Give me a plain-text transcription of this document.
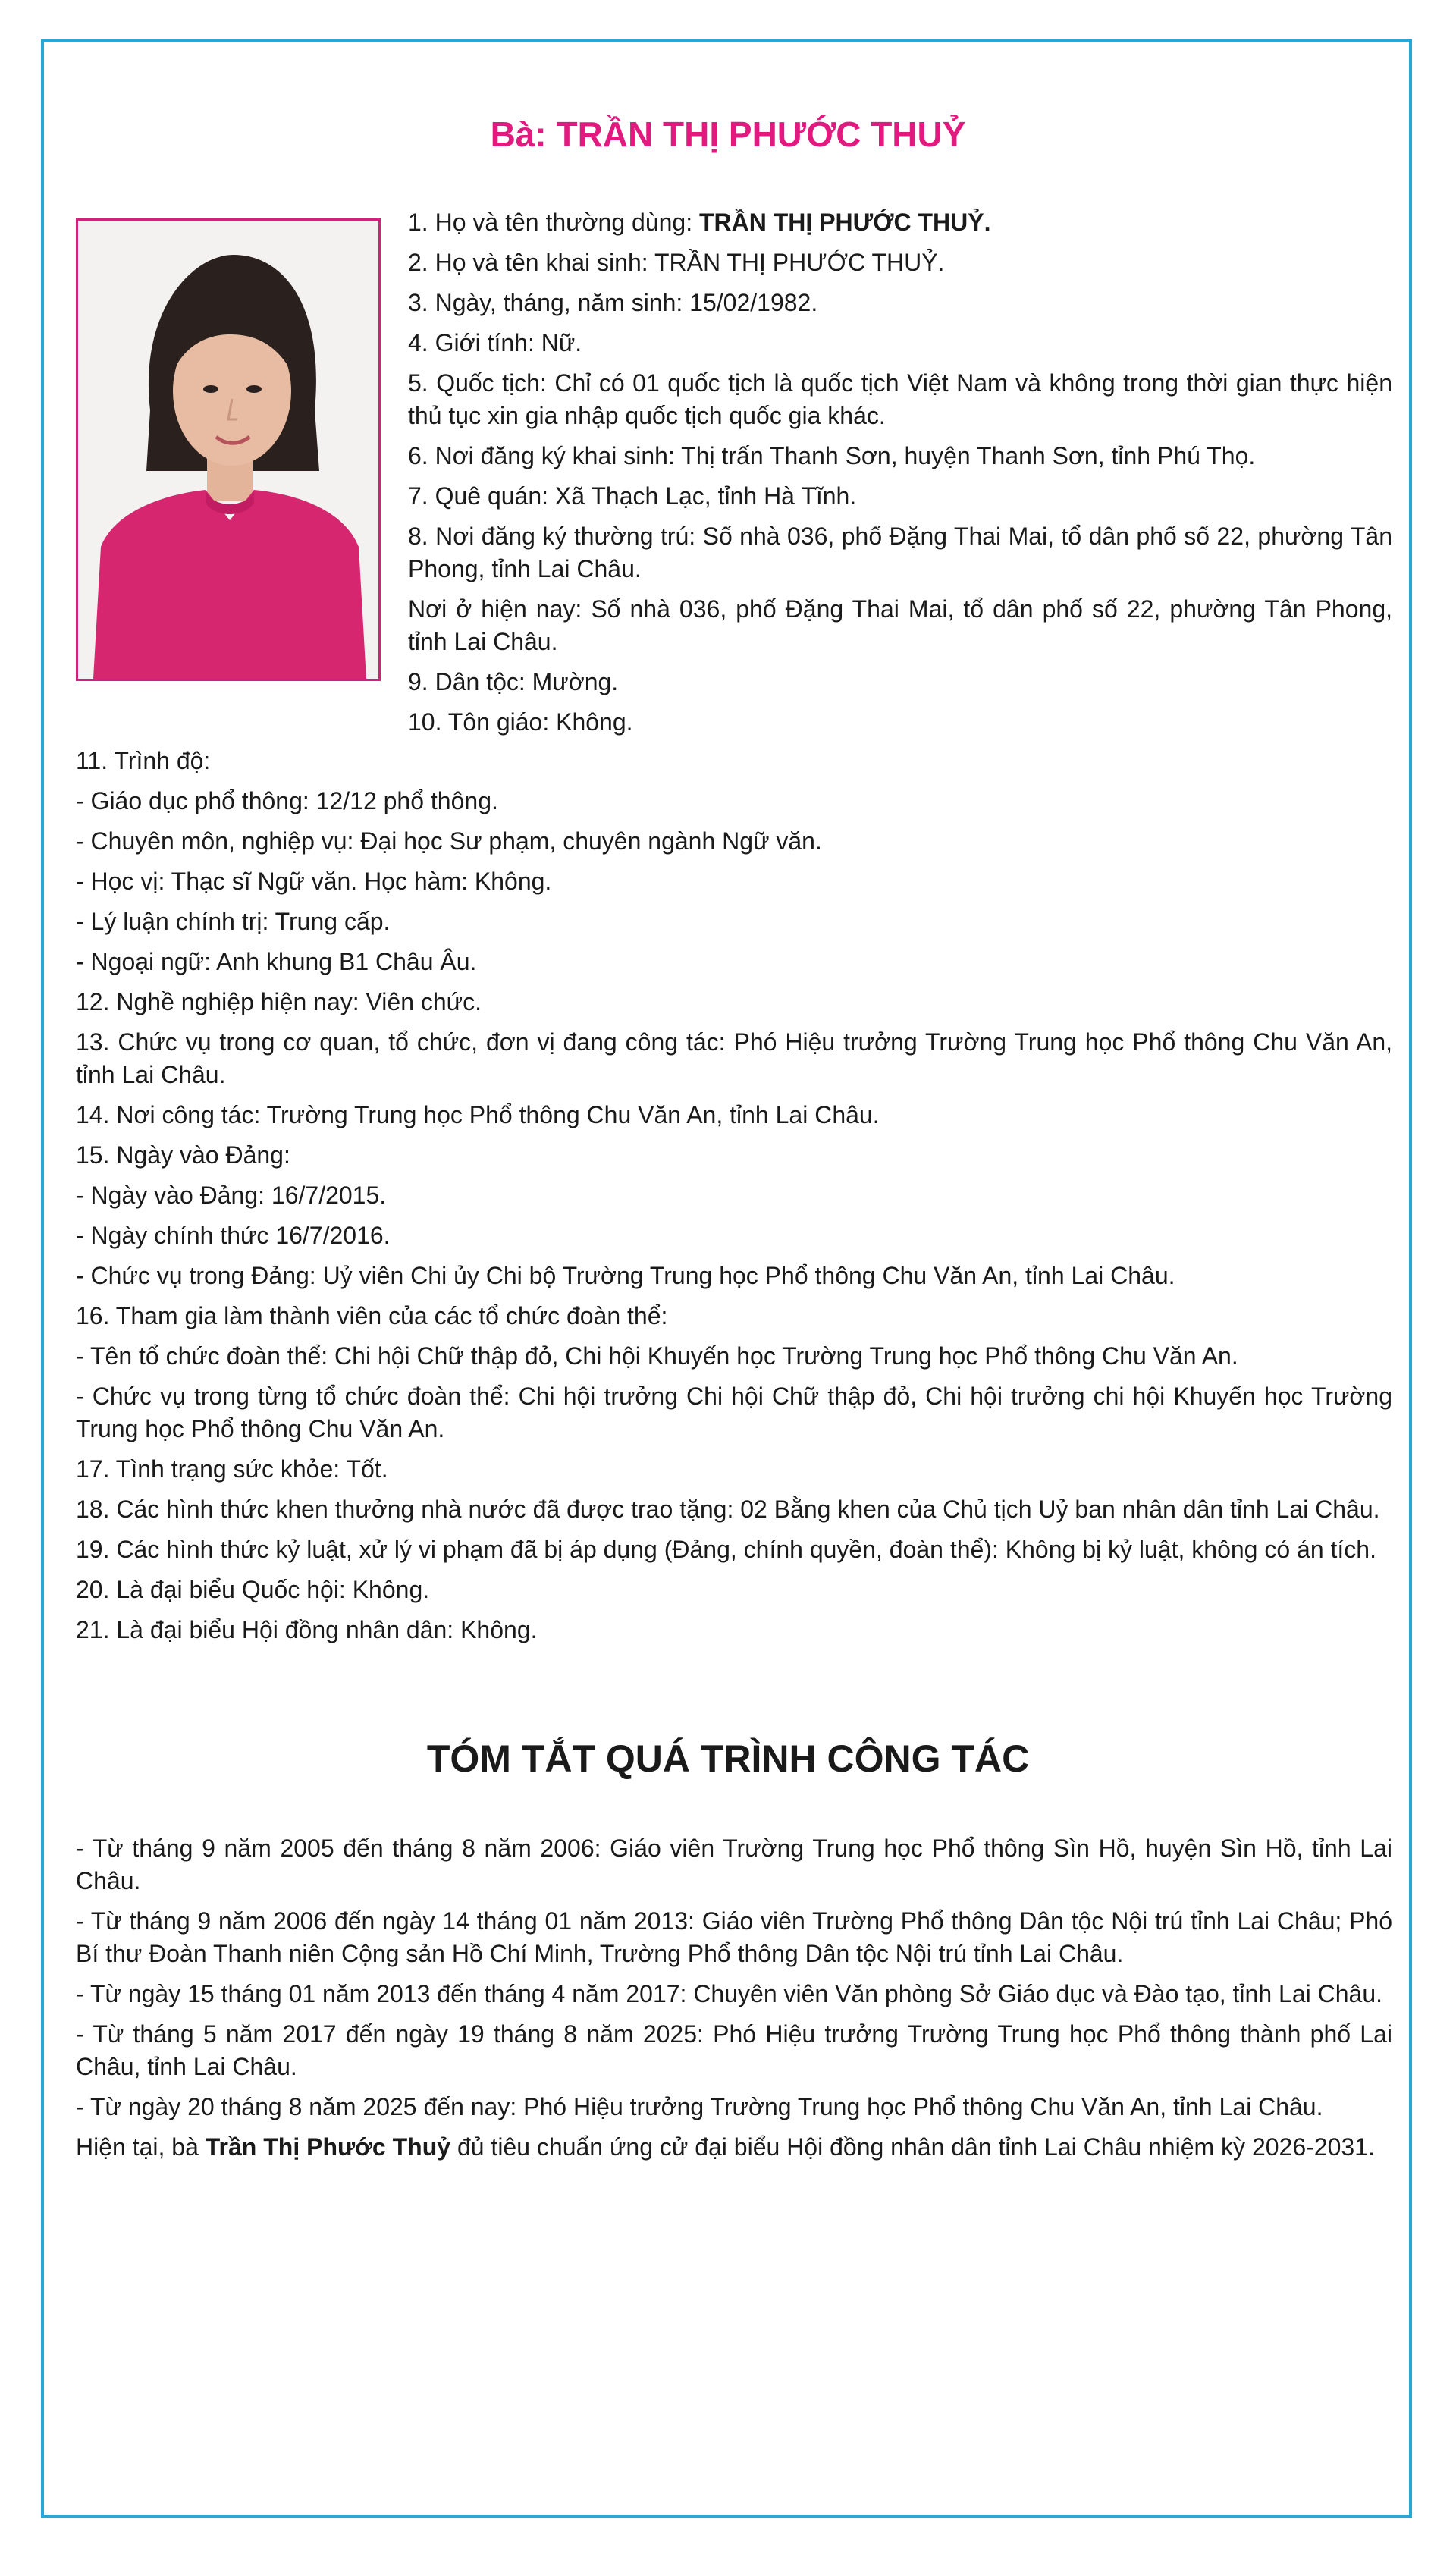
Bà: TRẦN THỊ PHƯỚC THUỶ

1. Họ và tên thường dùng: TRẦN THỊ PHƯỚC THUỶ.

2. Họ và tên khai sinh: TRẦN THỊ PHƯỚC THUỶ.

3. Ngày, tháng, năm sinh: 15/02/1982.

4. Giới tính: Nữ.

5. Quốc tịch: Chỉ có 01 quốc tịch là quốc tịch Việt Nam và không trong thời gian thực hiện thủ tục xin gia nhập quốc tịch quốc gia khác.

6. Nơi đăng ký khai sinh: Thị trấn Thanh Sơn, huyện Thanh Sơn, tỉnh Phú Thọ.

7. Quê quán: Xã Thạch Lạc, tỉnh Hà Tĩnh.

8. Nơi đăng ký thường trú: Số nhà 036, phố Đặng Thai Mai, tổ dân phố số 22, phường Tân Phong, tỉnh Lai Châu.

Nơi ở hiện nay: Số nhà 036, phố Đặng Thai Mai, tổ dân phố số 22, phường Tân Phong, tỉnh Lai Châu.

9. Dân tộc: Mường.

10. Tôn giáo: Không.

11. Trình độ:

- Giáo dục phổ thông: 12/12 phổ thông.

- Chuyên môn, nghiệp vụ: Đại học Sư phạm, chuyên ngành Ngữ văn.

- Học vị: Thạc sĩ Ngữ văn. Học hàm: Không.

- Lý luận chính trị: Trung cấp.

- Ngoại ngữ: Anh khung B1 Châu Âu.

12. Nghề nghiệp hiện nay: Viên chức.

13. Chức vụ trong cơ quan, tổ chức, đơn vị đang công tác: Phó Hiệu trưởng Trường Trung học Phổ thông Chu Văn An, tỉnh Lai Châu.

14. Nơi công tác: Trường Trung học Phổ thông Chu Văn An, tỉnh Lai Châu.

15. Ngày vào Đảng:

- Ngày vào Đảng: 16/7/2015.

- Ngày chính thức 16/7/2016.

- Chức vụ trong Đảng: Uỷ viên Chi ủy Chi bộ Trường Trung học Phổ thông Chu Văn An, tỉnh Lai Châu.

16. Tham gia làm thành viên của các tổ chức đoàn thể:

- Tên tổ chức đoàn thể: Chi hội Chữ thập đỏ, Chi hội Khuyến học Trường Trung học Phổ thông Chu Văn An.

- Chức vụ trong từng tổ chức đoàn thể: Chi hội trưởng Chi hội Chữ thập đỏ, Chi hội trưởng chi hội Khuyến học Trường Trung học Phổ thông Chu Văn An.

17. Tình trạng sức khỏe: Tốt.

18. Các hình thức khen thưởng nhà nước đã được trao tặng: 02 Bằng khen của Chủ tịch Uỷ ban nhân dân tỉnh Lai Châu.

19. Các hình thức kỷ luật, xử lý vi phạm đã bị áp dụng (Đảng, chính quyền, đoàn thể): Không bị kỷ luật, không có án tích.

20. Là đại biểu Quốc hội: Không.

21. Là đại biểu Hội đồng nhân dân: Không.

TÓM TẮT QUÁ TRÌNH CÔNG TÁC

- Từ tháng 9 năm 2005 đến tháng 8 năm 2006: Giáo viên Trường Trung học Phổ thông Sìn Hồ, huyện Sìn Hồ, tỉnh Lai Châu.

- Từ tháng 9 năm 2006 đến ngày 14 tháng 01 năm 2013: Giáo viên Trường Phổ thông Dân tộc Nội trú tỉnh Lai Châu; Phó Bí thư Đoàn Thanh niên Cộng sản Hồ Chí Minh, Trường Phổ thông Dân tộc Nội trú tỉnh Lai Châu.

- Từ ngày 15 tháng 01 năm 2013 đến tháng 4 năm 2017: Chuyên viên Văn phòng Sở Giáo dục và Đào tạo, tỉnh Lai Châu.

- Từ tháng 5 năm 2017 đến ngày 19 tháng 8 năm 2025: Phó Hiệu trưởng Trường Trung học Phổ thông thành phố Lai Châu, tỉnh Lai Châu.

- Từ ngày 20 tháng 8 năm 2025 đến nay: Phó Hiệu trưởng Trường Trung học Phổ thông Chu Văn An, tỉnh Lai Châu.

Hiện tại, bà Trần Thị Phước Thuỷ đủ tiêu chuẩn ứng cử đại biểu Hội đồng nhân dân tỉnh Lai Châu nhiệm kỳ 2026-2031.
